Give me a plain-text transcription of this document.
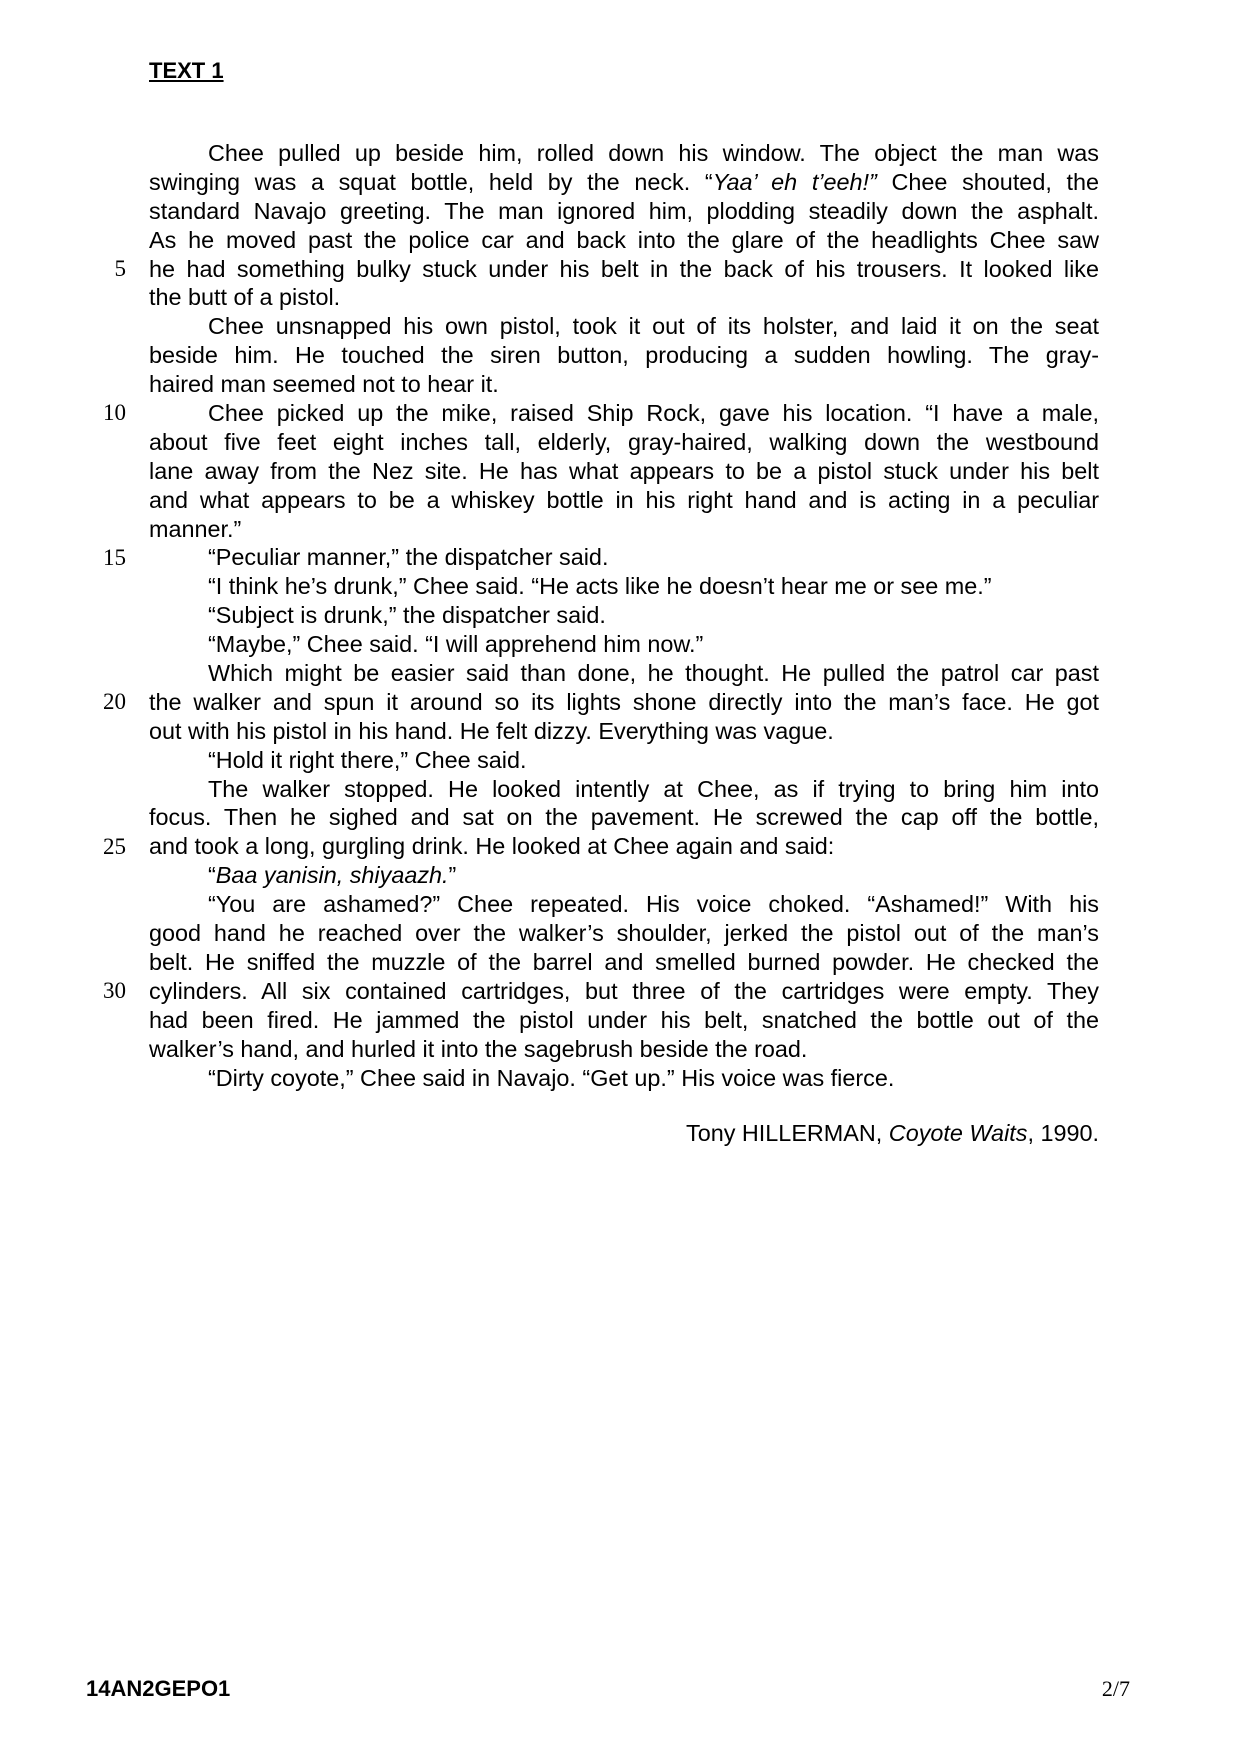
TEXT 1
5
10
15
20
25
30
Chee pulled up beside him, rolled down his window. The object the man was
swinging was a squat bottle, held by the neck. “Yaa’ eh t’eeh!” Chee shouted, the
standard Navajo greeting. The man ignored him, plodding steadily down the asphalt.
As he moved past the police car and back into the glare of the headlights Chee saw
he had something bulky stuck under his belt in the back of his trousers. It looked like
the butt of a pistol.
Chee unsnapped his own pistol, took it out of its holster, and laid it on the seat
beside him. He touched the siren button, producing a sudden howling. The gray-
haired man seemed not to hear it.
Chee picked up the mike, raised Ship Rock, gave his location. “I have a male,
about five feet eight inches tall, elderly, gray-haired, walking down the westbound
lane away from the Nez site. He has what appears to be a pistol stuck under his belt
and what appears to be a whiskey bottle in his right hand and is acting in a peculiar
manner.”
“Peculiar manner,” the dispatcher said.
“I think he’s drunk,” Chee said. “He acts like he doesn’t hear me or see me.”
“Subject is drunk,” the dispatcher said.
“Maybe,” Chee said. “I will apprehend him now.”
Which might be easier said than done, he thought. He pulled the patrol car past
the walker and spun it around so its lights shone directly into the man’s face. He got
out with his pistol in his hand. He felt dizzy. Everything was vague.
“Hold it right there,” Chee said.
The walker stopped. He looked intently at Chee, as if trying to bring him into
focus. Then he sighed and sat on the pavement. He screwed the cap off the bottle,
and took a long, gurgling drink. He looked at Chee again and said:
“Baa yanisin, shiyaazh.”
“You are ashamed?” Chee repeated. His voice choked. “Ashamed!” With his
good hand he reached over the walker’s shoulder, jerked the pistol out of the man’s
belt. He sniffed the muzzle of the barrel and smelled burned powder. He checked the
cylinders. All six contained cartridges, but three of the cartridges were empty. They
had been fired. He jammed the pistol under his belt, snatched the bottle out of the
walker’s hand, and hurled it into the sagebrush beside the road.
“Dirty coyote,” Chee said in Navajo. “Get up.” His voice was fierce.
Tony HILLERMAN, Coyote Waits, 1990.
14AN2GEPO1	2/7
